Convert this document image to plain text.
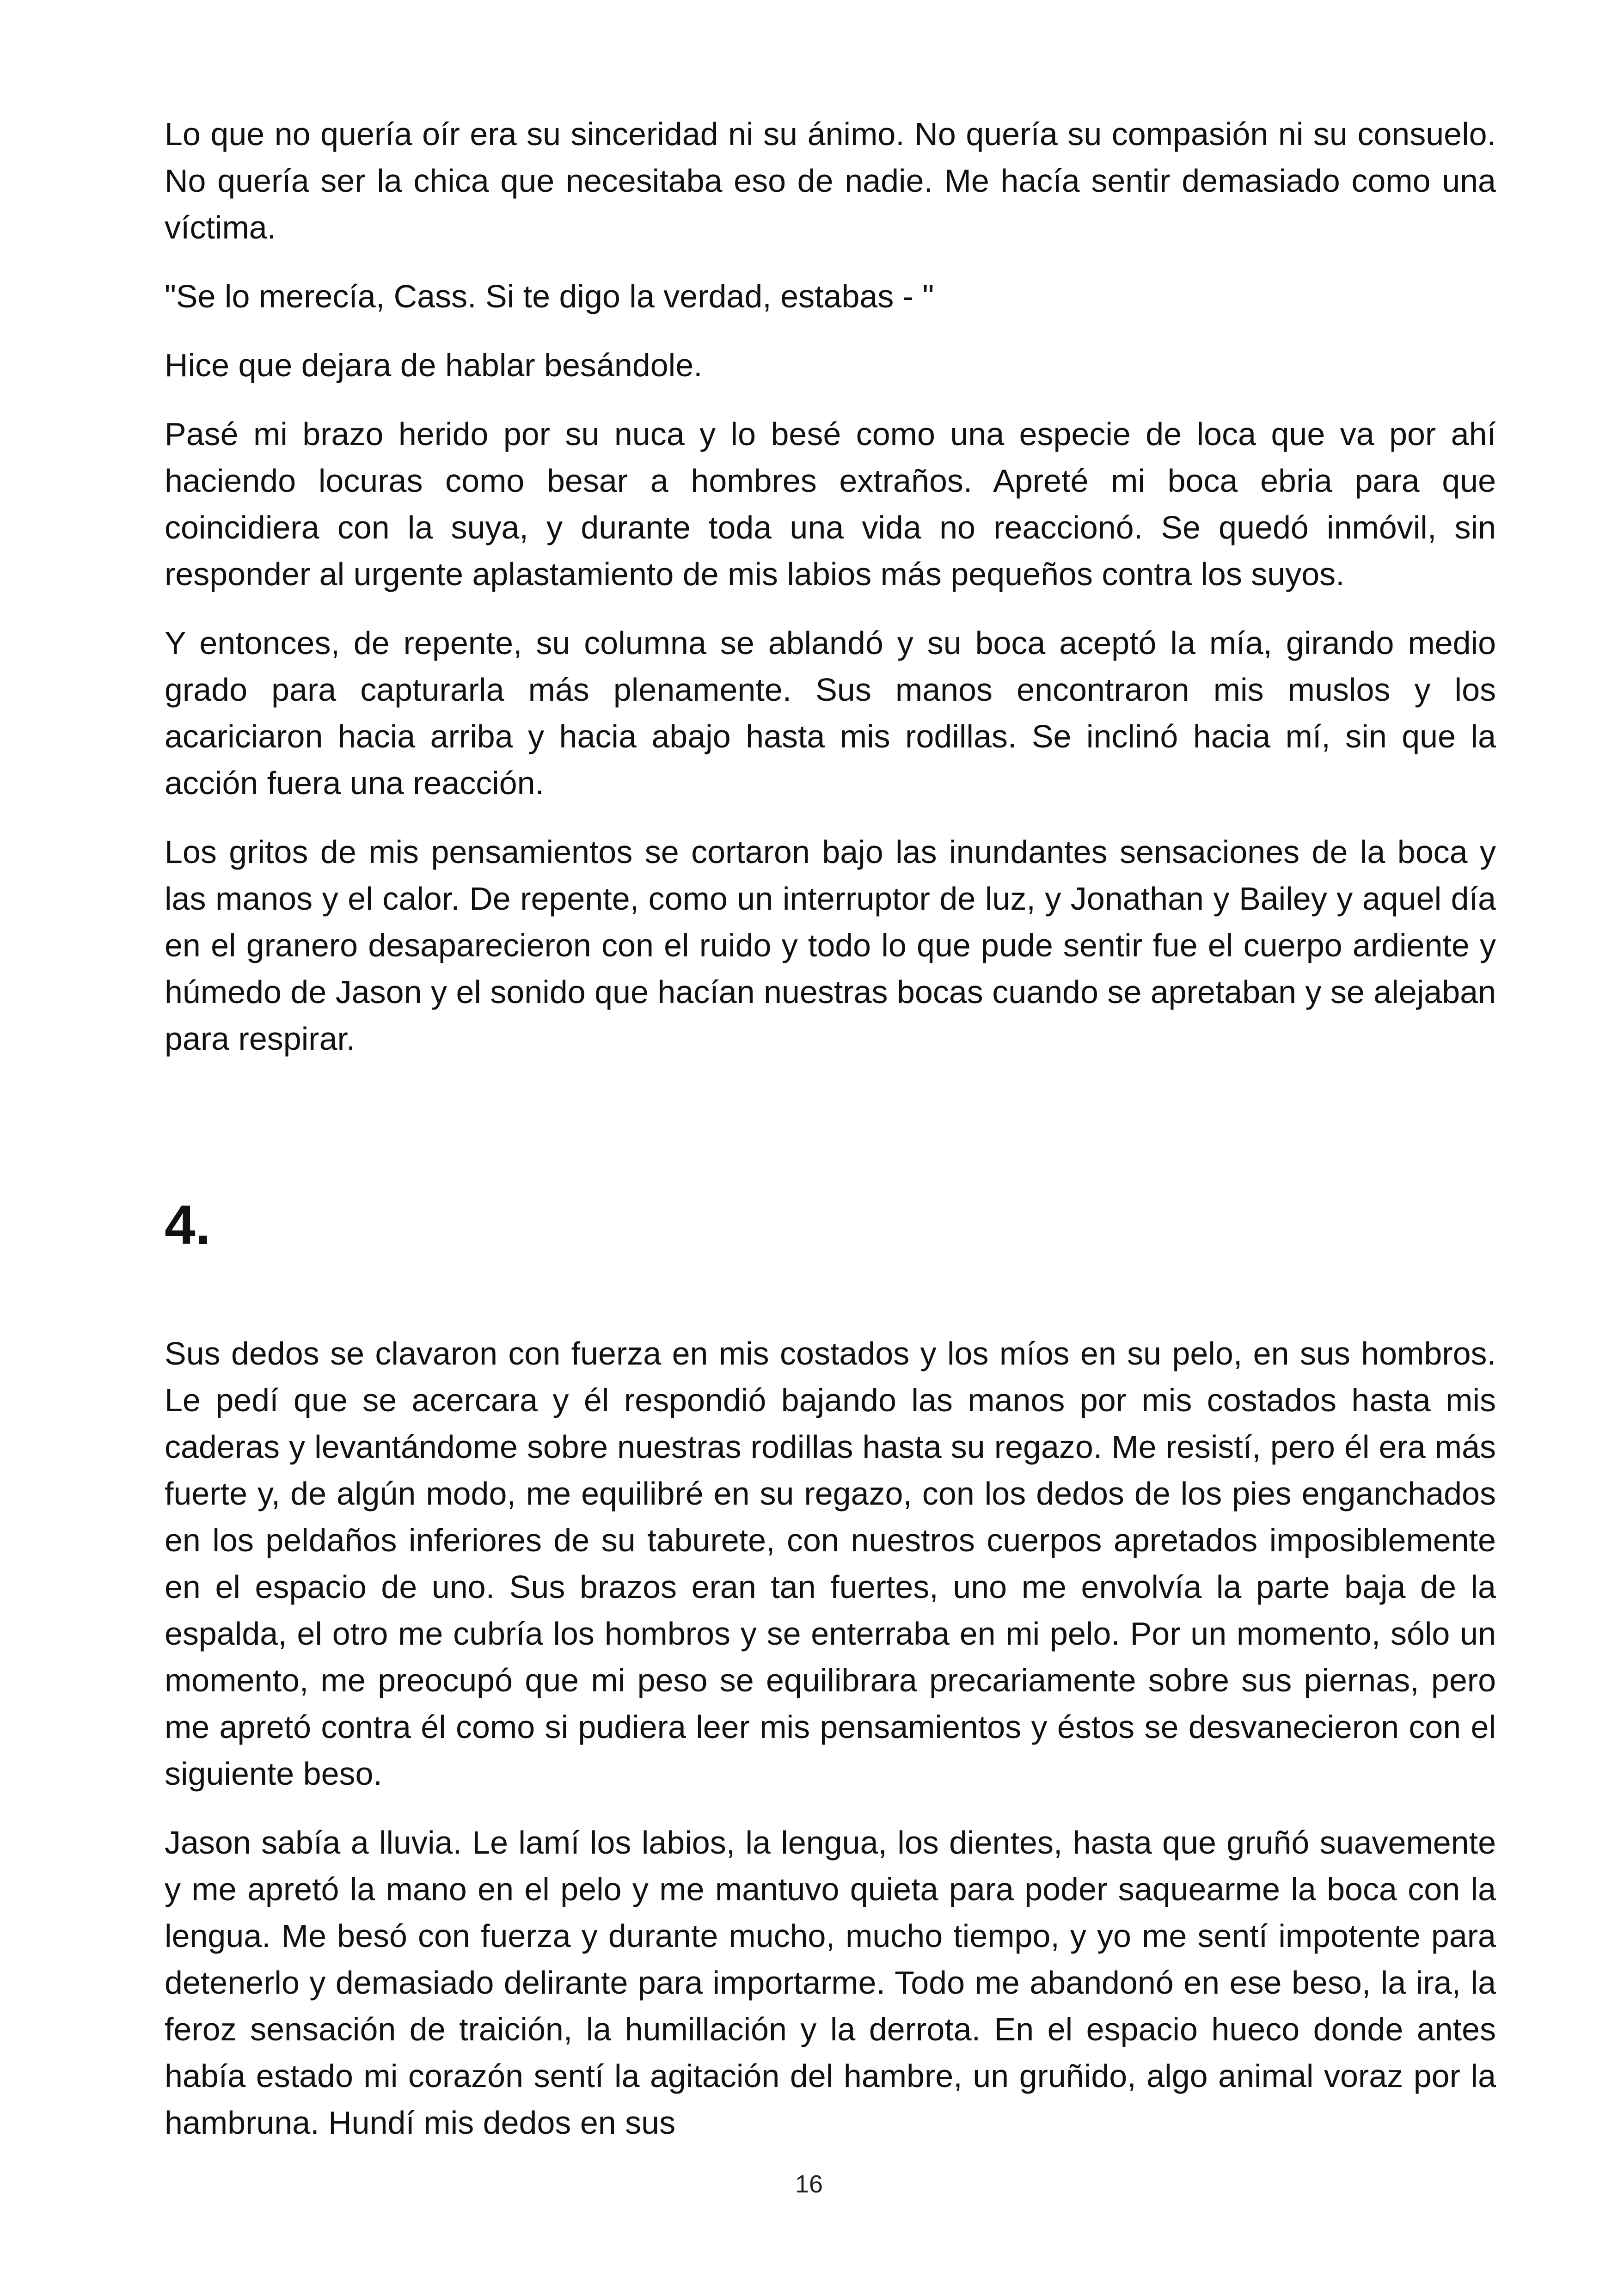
Lo que no quería oír era su sinceridad ni su ánimo. No quería su compasión ni su consuelo. No quería ser la chica que necesitaba eso de nadie. Me hacía sentir demasiado como una víctima.

"Se lo merecía, Cass. Si te digo la verdad, estabas - "

Hice que dejara de hablar besándole.

Pasé mi brazo herido por su nuca y lo besé como una especie de loca que va por ahí haciendo locuras como besar a hombres extraños. Apreté mi boca ebria para que coincidiera con la suya, y durante toda una vida no reaccionó. Se quedó inmóvil, sin responder al urgente aplastamiento de mis labios más pequeños contra los suyos.

Y entonces, de repente, su columna se ablandó y su boca aceptó la mía, girando medio grado para capturarla más plenamente. Sus manos encontraron mis muslos y los acariciaron hacia arriba y hacia abajo hasta mis rodillas. Se inclinó hacia mí, sin que la acción fuera una reacción.

Los gritos de mis pensamientos se cortaron bajo las inundantes sensaciones de la boca y las manos y el calor. De repente, como un interruptor de luz, y Jonathan y Bailey y aquel día en el granero desaparecieron con el ruido y todo lo que pude sentir fue el cuerpo ardiente y húmedo de Jason y el sonido que hacían nuestras bocas cuando se apretaban y se alejaban para respirar.

4.

Sus dedos se clavaron con fuerza en mis costados y los míos en su pelo, en sus hombros. Le pedí que se acercara y él respondió bajando las manos por mis costados hasta mis caderas y levantándome sobre nuestras rodillas hasta su regazo. Me resistí, pero él era más fuerte y, de algún modo, me equilibré en su regazo, con los dedos de los pies enganchados en los peldaños inferiores de su taburete, con nuestros cuerpos apretados imposiblemente en el espacio de uno. Sus brazos eran tan fuertes, uno me envolvía la parte baja de la espalda, el otro me cubría los hombros y se enterraba en mi pelo. Por un momento, sólo un momento, me preocupó que mi peso se equilibrara precariamente sobre sus piernas, pero me apretó contra él como si pudiera leer mis pensamientos y éstos se desvanecieron con el siguiente beso.

Jason sabía a lluvia. Le lamí los labios, la lengua, los dientes, hasta que gruñó suavemente y me apretó la mano en el pelo y me mantuvo quieta para poder saquearme la boca con la lengua. Me besó con fuerza y durante mucho, mucho tiempo, y yo me sentí impotente para detenerlo y demasiado delirante para importarme. Todo me abandonó en ese beso, la ira, la feroz sensación de traición, la humillación y la derrota. En el espacio hueco donde antes había estado mi corazón sentí la agitación del hambre, un gruñido, algo animal voraz por la hambruna. Hundí mis dedos en sus

16
